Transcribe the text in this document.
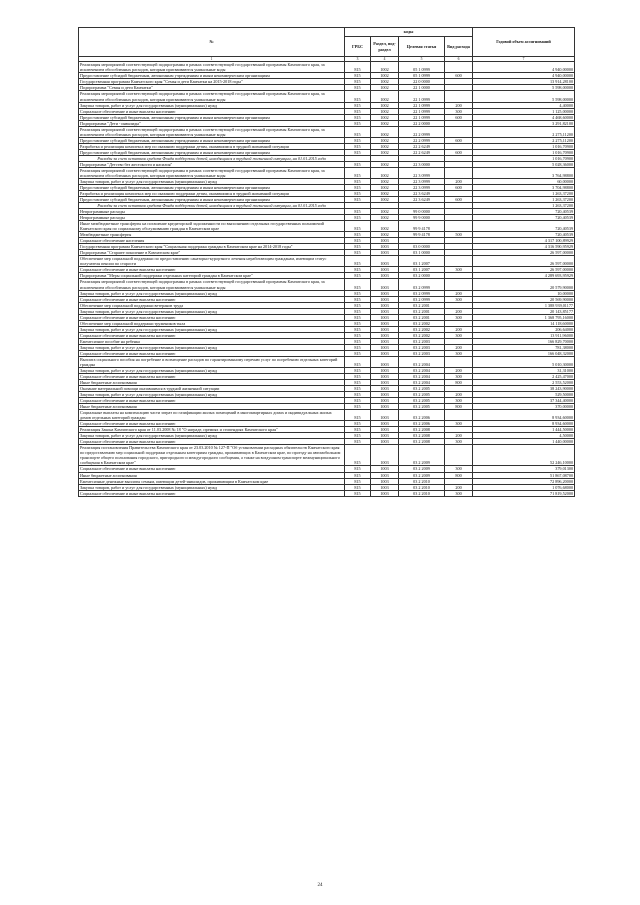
№	коды				Годовой объем ассигнований
	ГРБС	Раздел, под-раздел	Целевая статья	Вид расхода	
1	3	4	5	6	7
Реализация мероприятий соответствующей подпрограммы в рамках соответствующей государственной программы Камчатского края, за исключением обособленных расходов, которым присваиваются уникальные коды	815	1002	05 1 0999		4 940,00000
Предоставление субсидий бюджетным, автономным учреждениям и иным некоммерческим организациям	815	1002	05 1 0999	600	4 940,00000
Государственная программа Камчатского края "Семья и дети Камчатки на 2015-2018 годы"	815	1002	22 0 0000		13 914,28100
Подпрограмма "Семья и дети Камчатки"	815	1002	22 1 0000		5 598,00000
Реализация мероприятий соответствующей подпрограммы в рамках соответствующей государственной программы Камчатского края, за исключением обособленных расходов, которым присваиваются уникальные коды	815	1002	22 1 0999		5 598,00000
Закупка товаров, работ и услуг для государственных (муниципальных) нужд	815	1002	22 1 0999	200	4,40000
Социальное обеспечение и иные выплаты населению	815	1002	22 1 0999	300	1 125,00000
Предоставление субсидий бюджетным, автономным учреждениям и иным некоммерческим организациям	815	1002	22 1 0999	600	4 468,60000
Подпрограмма "Дети - инвалиды"	815	1002	22 2 0000		3 291,82100
Реализация мероприятий соответствующей подпрограммы в рамках соответствующей государственной программы Камчатского края, за исключением обособленных расходов, которым присваиваются уникальные коды	815	1002	22 2 0999		2 275,11200
Предоставление субсидий бюджетным, автономным учреждениям и иным некоммерческим организациям	815	1002	22 2 0999	600	2 275,11200
Разработка и реализация комплекса мер по оказанию поддержки детям, оказавшимся в трудной жизненной ситуации	815	1002	22 2 6249		1 016,70900
Предоставление субсидий бюджетным, автономным учреждениям и иным некоммерческим организациям	815	1002	22 2 6249	600	1 016,70900
Расходы за счет остатков средств Фонда поддержки детей, находящихся в трудной жизненной ситуации, на 01.01.2015 года					1 016,70900
Подпрограмма "Детство без жестокости и насилия"	815	1002	22 3 0000		5 028,36000
Реализация мероприятий соответствующей подпрограммы в рамках соответствующей государственной программы Камчатского края, за исключением обособленных расходов, которым присваиваются уникальные коды	815	1002	22 3 0999		3 764,98800
Закупка товаров, работ и услуг для государственных (муниципальных) нужд	815	1002	22 3 0999	200	60,00000
Предоставление субсидий бюджетным, автономным учреждениям и иным некоммерческим организациям	815	1002	22 3 0999	600	3 704,98800
Разработка и реализация комплекса мер по оказанию поддержки детям, оказавшимся в трудной жизненной ситуации	815	1002	22 3 6249		1 263,37200
Предоставление субсидий бюджетным, автономным учреждениям и иным некоммерческим организациям	815	1002	22 3 6249	600	1 263,37200
Расходы за счет остатков средств Фонда поддержки детей, находящихся в трудной жизненной ситуации, на 01.01.2015 года					1 263,37200
Непрограммные расходы	815	1002	99 0 0000		720,40539
Непрограммные расходы	815	1002	99 9 0000		720,40539
Иные межбюджетные трансферты на погашение кредиторской задолженности по выполнению отдельных государственных полномочий Камчатского края по социальному обслуживанию граждан в Камчатском крае	815	1002	99 9 4178		720,40539
Межбюджетные трансферты	815	1002	99 9 4178	500	720,40539
Социальное обеспечение населения	815	1003			4 317 100,89929
Государственная программа Камчатского края "Социальная поддержка граждан в Камчатском крае на 2014-2018 годы"	815	1003	03 0 0000		4 316 590,95929
Подпрограмма "Старшее поколение в Камчатском крае"	815	1003	03 1 0000		26 597,00000
Обеспечение мер социальной поддержки по предоставлению санаторно-курортного лечения неработающим гражданам, имеющим статус получателя пенсии по старости	815	1003	03 1 2007		26 597,00000
Социальное обеспечение и иные выплаты населению	815	1003	03 1 2007	300	26 597,00000
Подпрограмма "Меры социальной поддержки отдельных категорий граждан в Камчатском крае"	815	1003	03 2 0000		4 289 693,95929
Реализация мероприятий соответствующей подпрограммы в рамках соответствующей государственной программы Камчатского края, за исключением обособленных расходов, которым присваиваются уникальные коды	815	1003	03 2 0999		20 579,90000
Закупка товаров, работ и услуг для государственных (муниципальных) нужд	815	1003	03 2 0999	200	10,00000
Социальное обеспечение и иные выплаты населению	815	1003	03 2 0999	300	20 569,90000
Обеспечение мер социальной поддержки ветеранов труда	815	1003	03 2 2001		1 388 939,01177
Закупка товаров, работ и услуг для государственных (муниципальных) нужд	815	1003	03 2 2001	200	20 143,85177
Социальное обеспечение и иные выплаты населению	815	1003	03 2 2001	300	1 368 795,16000
Обеспечение мер социальной поддержки тружеников тыла	815	1003	03 2 2002		14 118,60000
Закупка товаров, работ и услуг для государственных (муниципальных) нужд	815	1003	03 2 2002	200	206,64000
Социальное обеспечение и иные выплаты населению	815	1003	03 2 2002	300	13 911,96000
Ежемесячное пособие на ребенка	815	1003	03 2 2003		166 829,70000
Закупка товаров, работ и услуг для государственных (муниципальных) нужд	815	1003	03 2 2003	200	781,38000
Социальное обеспечение и иные выплаты населению	815	1003	03 2 2003	300	166 048,32000
Выплата социального пособия на погребение и возмещение расходов по гарантированному перечню услуг по погребению отдельных категорий граждан	815	1003	03 2 2004		5 010,30000
Закупка товаров, работ и услуг для государственных (муниципальных) нужд	815	1003	03 2 2004	200	31,31000
Социальное обеспечение и иные выплаты населению	815	1003	03 2 2004	300	2 425,47000
Иные бюджетные ассигнования	815	1003	03 2 2004	800	2 553,52000
Оказание материальной помощи оказавшимся в трудной жизненной ситуации	815	1003	03 2 2005		38 243,90000
Закупка товаров, работ и услуг для государственных (муниципальных) нужд	815	1003	03 2 2005	200	529,50000
Социальное обеспечение и иные выплаты населению	815	1003	03 2 2005	300	37 344,40000
Иные бюджетные ассигнования	815	1003	03 2 2005	800	370,00000
Социальные выплаты на компенсацию части затрат по газификации жилых помещений в многоквартирных домах и индивидуальных жилых домов отдельных категорий граждан	815	1003	03 2 2006		8 934,60000
Социальное обеспечение и иные выплаты населению	815	1003	03 2 2006	300	8 934,60000
Реализация Закона Камчатского края от 11.03.2008 № 18 "О награде, премиях и стипендиях Камчатского края"	815	1003	03 2 2008		1 444,50000
Закупка товаров, работ и услуг для государственных (муниципальных) нужд	815	1003	03 2 2008	200	4,50000
Социальное обеспечение и иные выплаты населению	815	1003	03 2 2008	300	1 440,00000
Реализация постановления Правительства Камчатского края от 23.03.2010 № 127-П "Об установлении расходных обязательств Камчатского края по предоставлению мер социальной поддержки отдельным категориям граждан, проживающих в Камчатском крае, по проезду на автомобильном транспорте общего пользования городского, пригородного и междугородного сообщения, а также на воздушном транспорте межмуниципального сообщения в Камчатском крае"	815	1003	03 2 2009		52 246,10000
Социальное обеспечение и иные выплаты населению	815	1003	03 2 2009	300	379,01300
Иные бюджетные ассигнования	815	1003	03 2 2009	800	51 867,08700
Ежемесячные денежные выплаты семьям, имеющим детей-инвалидов, проживающим в Камчатском крае	815	1003	03 2 2010		72 896,20000
Закупка товаров, работ и услуг для государственных (муниципальных) нужд	815	1003	03 2 2010	200	1 076,68000
Социальное обеспечение и иные выплаты населению	815	1003	03 2 2010	300	71 819,52000
24
